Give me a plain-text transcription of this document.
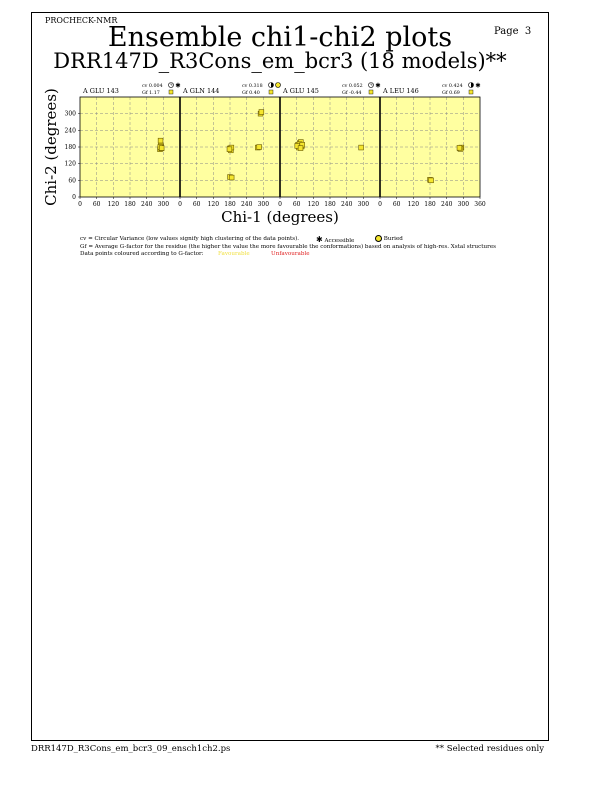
PROCHECK-NMR
Page 3
Ensemble chi1-chi2 plots
DRR147D_R3Cons_em_bcr3 (18 models)**
A GLU 143
cv 0.004
Gf 1.17
✱
0 60 120 180 240 300
A GLN 144
cv 0.318
Gf 0.40
0 60 120 180 240 300
A GLU 145
cv 0.052
Gf -0.44
✱
0 60 120 180 240 300
A LEU 146
cv 0.424
Gf 0.69
✱
0 60 120 180 240 300 360
0
60
120
180
240
300
Chi-1 (degrees)
Chi-2 (degrees)
cv = Circular Variance (low values signify high clustering of the data points). ✱ Accessible	Buried
Gf = Average G-factor for the residue (the higher the value the more favourable the conformations) based on analysis of high-res. Xstal structures
Data points coloured according to G-factor:	Favourable	Unfavourable
DRR147D_R3Cons_em_bcr3_09_ensch1ch2.ps	** Selected residues only
